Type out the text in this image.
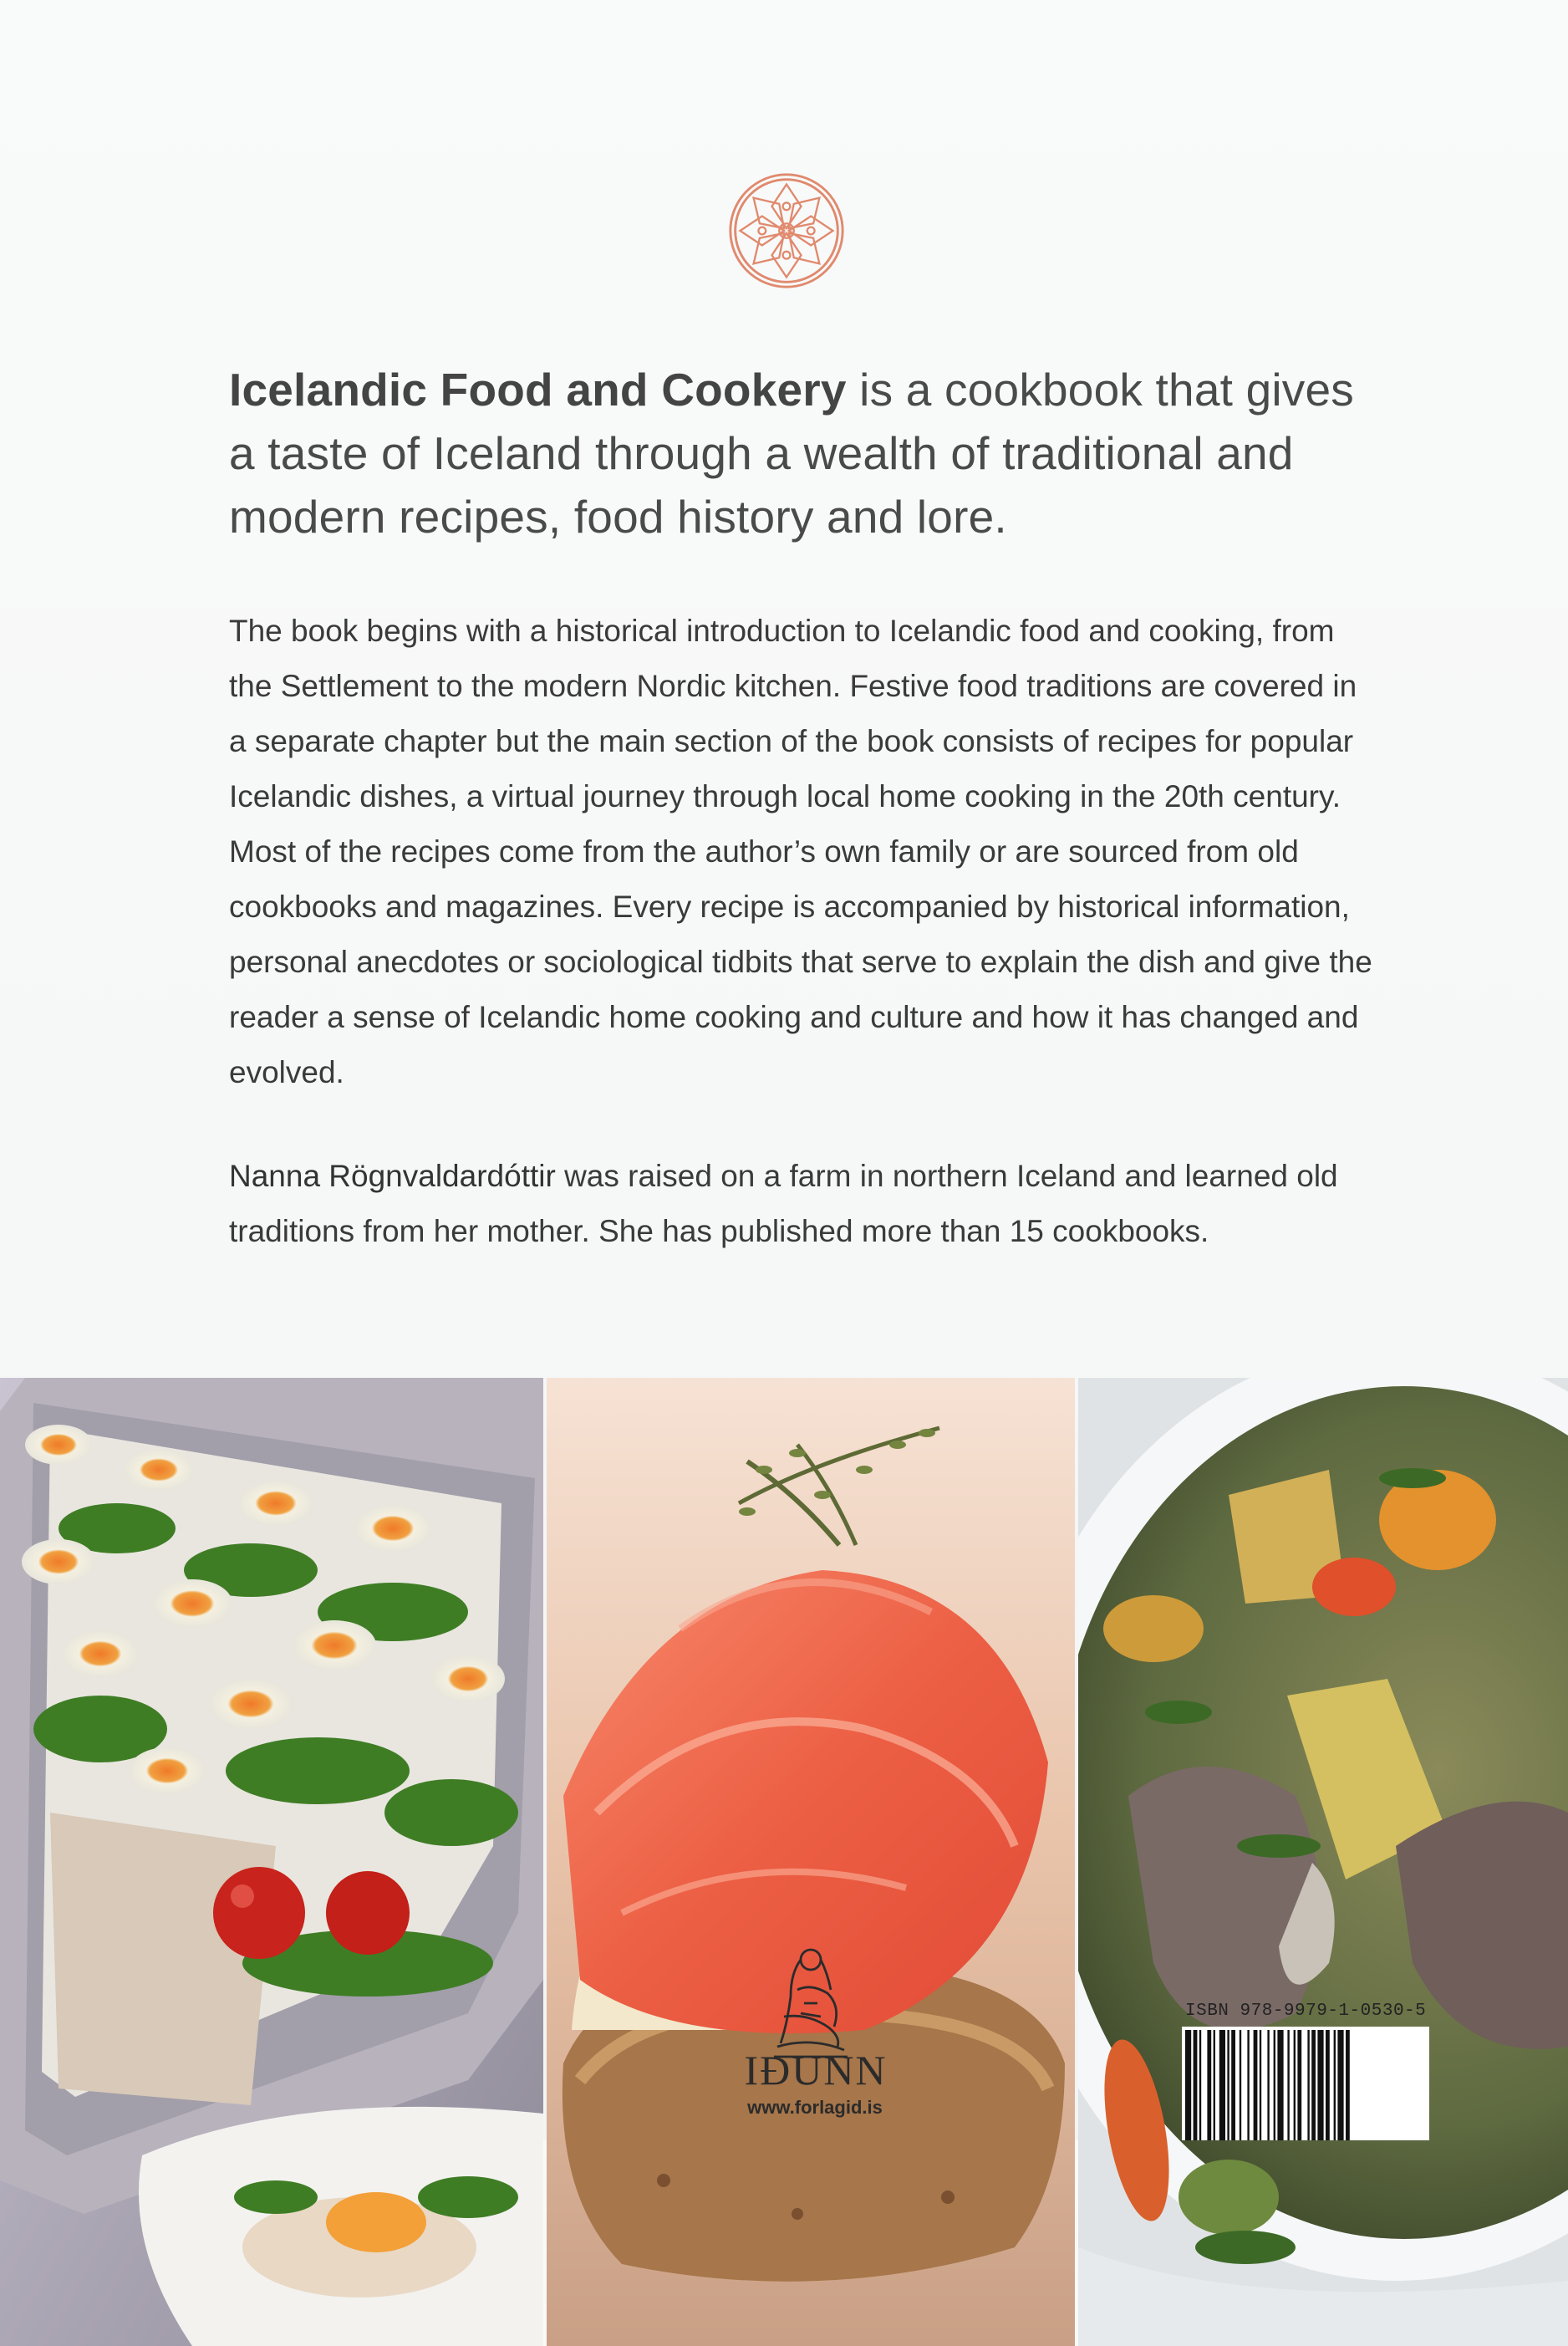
Icelandic Food and Cookery is a cookbook that gives a taste of Iceland through a wealth of traditional and modern recipes, food history and lore.

The book begins with a historical introduction to Icelandic food and cooking, from the Settlement to the modern Nordic kitchen. Festive food traditions are covered in a separate chapter but the main section of the book consists of recipes for popular Icelandic dishes, a virtual journey through local home cooking in the 20th century. Most of the recipes come from the author’s own family or are sourced from old cookbooks and magazines. Every recipe is accompanied by historical information, personal anecdotes or sociological tidbits that serve to explain the dish and give the reader a sense of Icelandic home cooking and culture and how it has changed and evolved.

Nanna Rögnvaldardóttir was raised on a farm in northern Iceland and learned old traditions from her mother. She has published more than 15 cookbooks.

IÐUNN

www.forlagid.is

ISBN 978-9979-1-0530-5
